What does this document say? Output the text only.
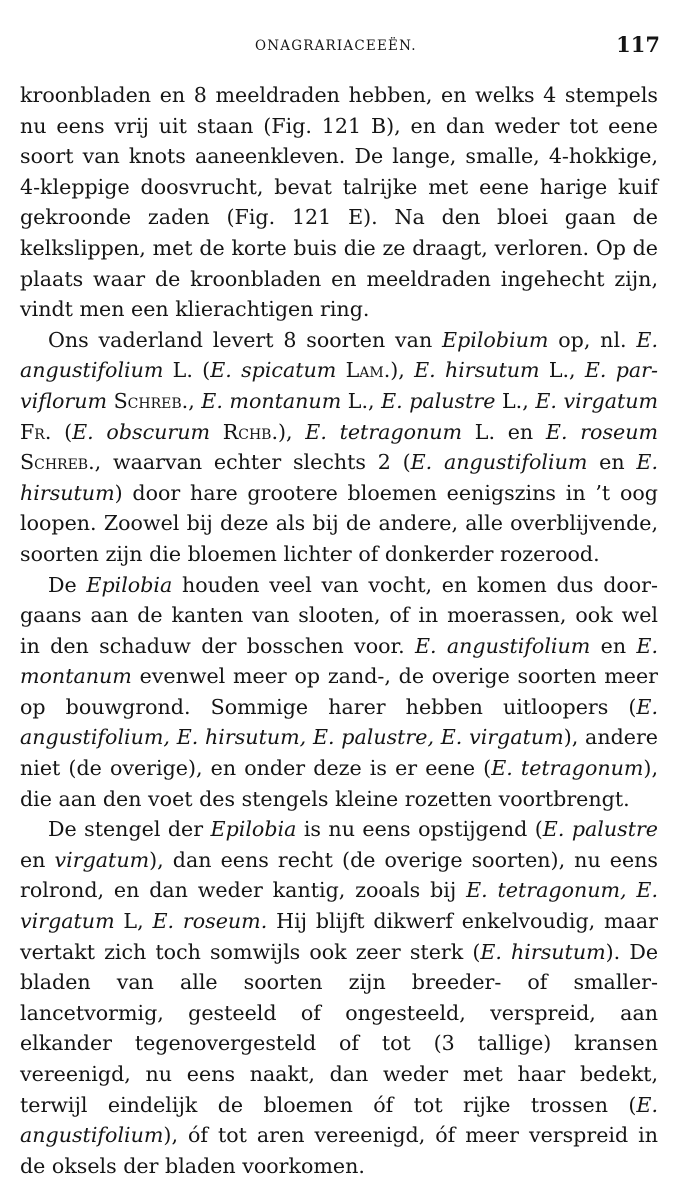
ONAGRARIACEEËN.	117

kroonbladen en 8 meeldraden hebben, en welks 4 stempels nu eens vrij uit staan (Fig. 121 B), en dan weder tot eene soort van knots aaneenkleven. De lange, smalle, 4-hokkige, 4-kleppige doosvrucht, bevat talrijke met eene harige kuif gekroonde zaden (Fig. 121 E). Na den bloei gaan de kelkslippen, met de korte buis die ze draagt, verloren. Op de plaats waar de kroonbladen en meeldraden ingehecht zijn, vindt men een klierachtigen ring.

Ons vaderland levert 8 soorten van Epilobium op, nl. E. angustifolium L. (E. spicatum Lam.), E. hirsutum L., E. parviflorum Schreb., E. montanum L., E. palustre L., E. virgatum Fr. (E. obscurum Rchb.), E. tetragonum L. en E. roseum Schreb., waarvan echter slechts 2 (E. angustifolium en E. hirsutum) door hare grootere bloemen eenigszins in ’t oog loopen. Zoowel bij deze als bij de andere, alle overblijvende, soorten zijn die bloemen lichter of donkerder rozerood.

De Epilobia houden veel van vocht, en komen dus doorgaans aan de kanten van slooten, of in moerassen, ook wel in den schaduw der bosschen voor. E. angustifolium en E. montanum evenwel meer op zand-, de overige soorten meer op bouwgrond. Sommige harer hebben uitloopers (E. angustifolium, E. hirsutum, E. palustre, E. virgatum), andere niet (de overige), en onder deze is er eene (E. tetragonum), die aan den voet des stengels kleine rozetten voortbrengt.

De stengel der Epilobia is nu eens opstijgend (E. palustre en virgatum), dan eens recht (de overige soorten), nu eens rolrond, en dan weder kantig, zooals bij E. tetragonum, E. virgatum L, E. roseum. Hij blijft dikwerf enkelvoudig, maar vertakt zich toch somwijls ook zeer sterk (E. hirsutum). De bladen van alle soorten zijn breeder- of smaller- lancetvormig, gesteeld of ongesteeld, verspreid, aan elkander tegenovergesteld of tot (3 tallige) kransen vereenigd, nu eens naakt, dan weder met haar bedekt, terwijl eindelijk de bloemen óf tot rijke trossen (E. angustifolium), óf tot aren vereenigd, óf meer verspreid in de oksels der bladen voorkomen.
